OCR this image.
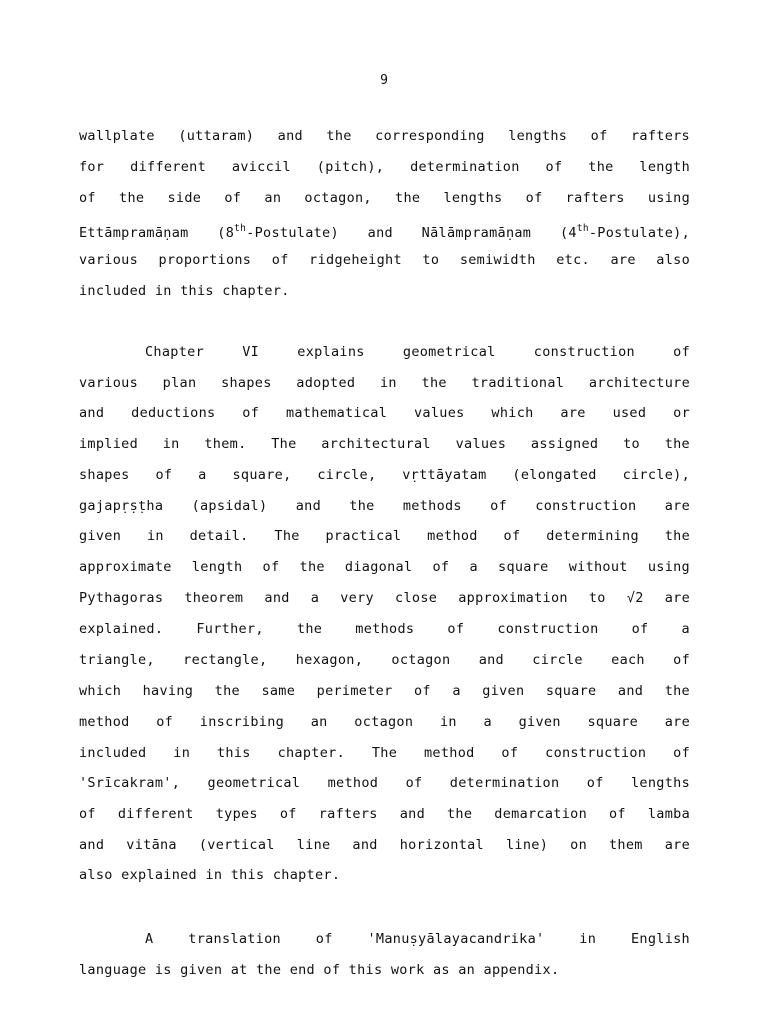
9
wallplate (uttaram) and the corresponding lengths of rafters
for different aviccil (pitch), determination of the length
of the side of an octagon, the lengths of rafters using
Ettāmpramāṇam (8th-Postulate) and Nālāmpramāṇam (4th-Postulate),
various proportions of ridgeheight to semiwidth etc. are also
included in this chapter.
Chapter VI explains geometrical construction of
various plan shapes adopted in the traditional architecture
and deductions of mathematical values which are used or
implied in them. The architectural values assigned to the
shapes of a square, circle, vṛttāyatam (elongated circle),
gajapṛṣṭha (apsidal) and the methods of construction are
given in detail. The practical method of determining the
approximate length of the diagonal of a square without using
Pythagoras theorem and a very close approximation to √2 are
explained. Further, the methods of construction of a
triangle, rectangle, hexagon, octagon and circle each of
which having the same perimeter of a given square and the
method of inscribing an octagon in a given square are
included in this chapter. The method of construction of
'Srīcakram', geometrical method of determination of lengths
of different types of rafters and the demarcation of lamba
and vitāna (vertical line and horizontal line) on them are
also explained in this chapter.
A translation of 'Manuṣyālayacandrika' in English
language is given at the end of this work as an appendix.
